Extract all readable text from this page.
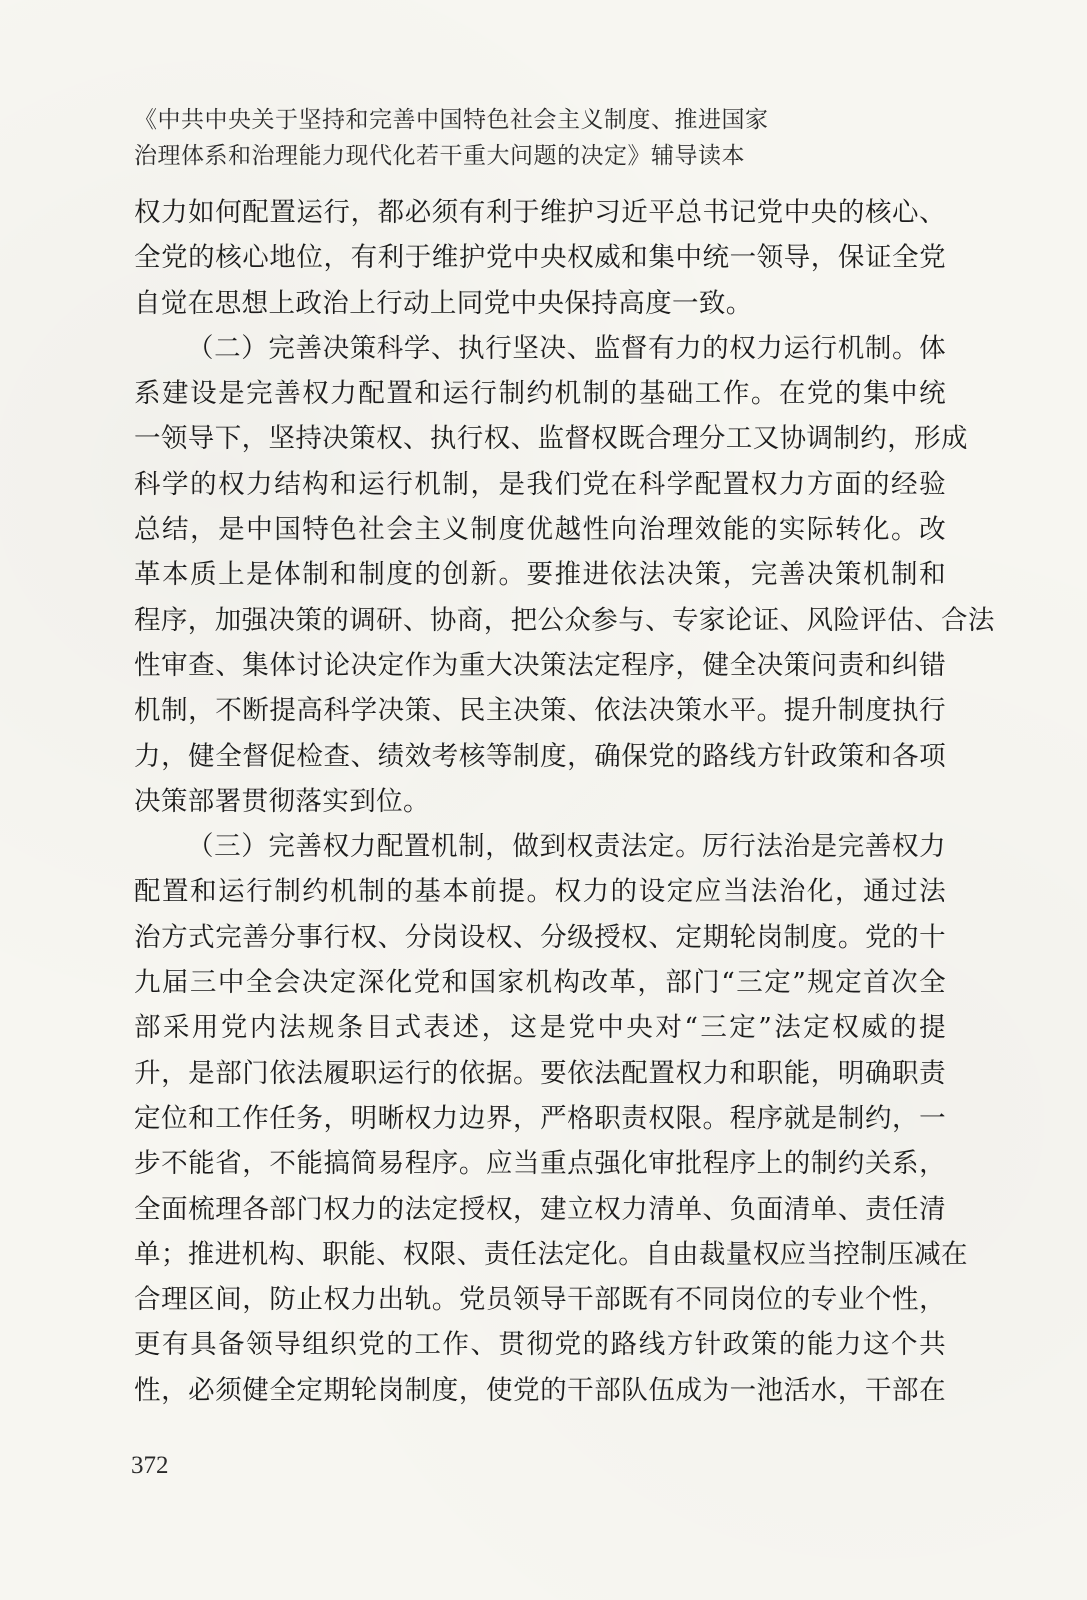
《中共中央关于坚持和完善中国特色社会主义制度、推进国家
治理体系和治理能力现代化若干重大问题的决定》辅导读本
权力如何配置运行，都必须有利于维护习近平总书记党中央的核心、
全党的核心地位，有利于维护党中央权威和集中统一领导，保证全党
自觉在思想上政治上行动上同党中央保持高度一致。
（二）完善决策科学、执行坚决、监督有力的权力运行机制。体
系建设是完善权力配置和运行制约机制的基础工作。在党的集中统
一领导下，坚持决策权、执行权、监督权既合理分工又协调制约，形成
科学的权力结构和运行机制，是我们党在科学配置权力方面的经验
总结，是中国特色社会主义制度优越性向治理效能的实际转化。改
革本质上是体制和制度的创新。要推进依法决策，完善决策机制和
程序，加强决策的调研、协商，把公众参与、专家论证、风险评估、合法
性审查、集体讨论决定作为重大决策法定程序，健全决策问责和纠错
机制，不断提高科学决策、民主决策、依法决策水平。提升制度执行
力，健全督促检查、绩效考核等制度，确保党的路线方针政策和各项
决策部署贯彻落实到位。
（三）完善权力配置机制，做到权责法定。厉行法治是完善权力
配置和运行制约机制的基本前提。权力的设定应当法治化，通过法
治方式完善分事行权、分岗设权、分级授权、定期轮岗制度。党的十
九届三中全会决定深化党和国家机构改革，部门“三定”规定首次全
部采用党内法规条目式表述，这是党中央对“三定”法定权威的提
升，是部门依法履职运行的依据。要依法配置权力和职能，明确职责
定位和工作任务，明晰权力边界，严格职责权限。程序就是制约，一
步不能省，不能搞简易程序。应当重点强化审批程序上的制约关系，
全面梳理各部门权力的法定授权，建立权力清单、负面清单、责任清
单；推进机构、职能、权限、责任法定化。自由裁量权应当控制压减在
合理区间，防止权力出轨。党员领导干部既有不同岗位的专业个性，
更有具备领导组织党的工作、贯彻党的路线方针政策的能力这个共
性，必须健全定期轮岗制度，使党的干部队伍成为一池活水，干部在
372
